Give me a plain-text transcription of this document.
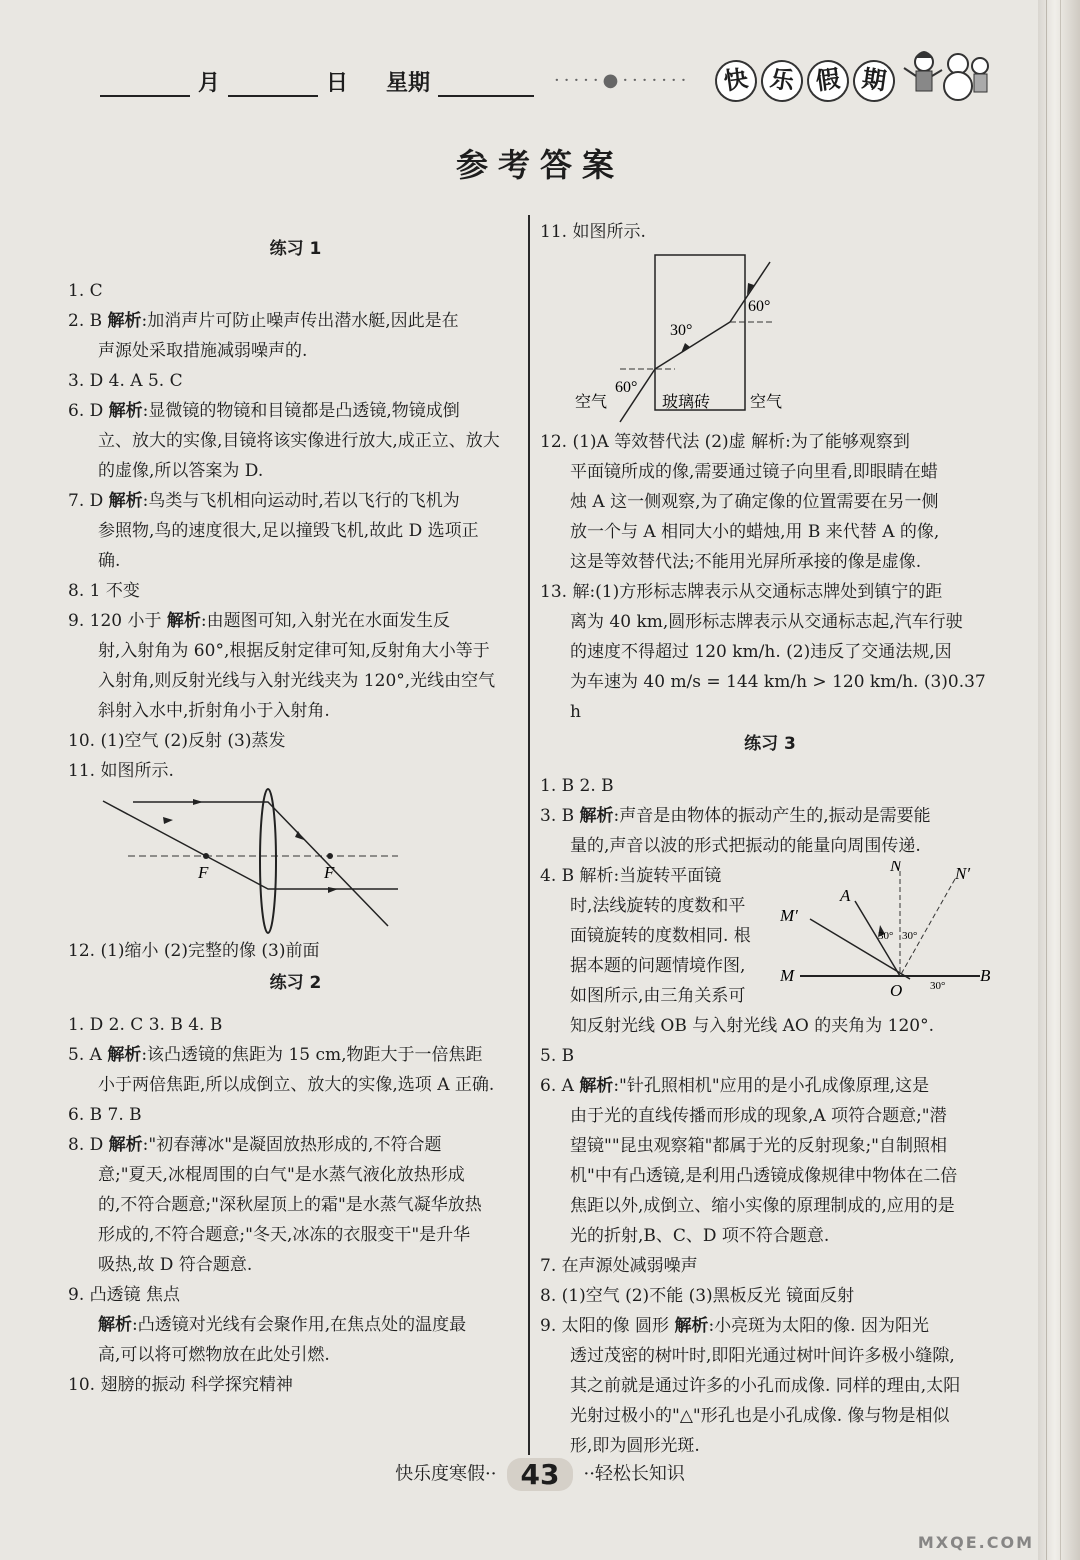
月	日 星期	·····●·······	快 乐 假 期
参考答案
练习 1
1. C
2. B 解析:加消声片可防止噪声传出潜水艇,因此是在
声源处采取措施减弱噪声的.
3. D 4. A 5. C
6. D 解析:显微镜的物镜和目镜都是凸透镜,物镜成倒
立、放大的实像,目镜将该实像进行放大,成正立、放大
的虚像,所以答案为 D.
7. D 解析:鸟类与飞机相向运动时,若以飞行的飞机为
参照物,鸟的速度很大,足以撞毁飞机,故此 D 选项正
确.
8. 1 不变
9. 120 小于 解析:由题图可知,入射光在水面发生反
射,入射角为 60°,根据反射定律可知,反射角大小等于
入射角,则反射光线与入射光线夹为 120°,光线由空气
斜射入水中,折射角小于入射角.
10. (1)空气 (2)反射 (3)蒸发
11. 如图所示.
F	F
12. (1)缩小 (2)完整的像 (3)前面
练习 2
1. D 2. C 3. B 4. B
5. A 解析:该凸透镜的焦距为 15 cm,物距大于一倍焦距
小于两倍焦距,所以成倒立、放大的实像,选项 A 正确.
6. B 7. B
8. D 解析:"初春薄冰"是凝固放热形成的,不符合题
意;"夏天,冰棍周围的白气"是水蒸气液化放热形成
的,不符合题意;"深秋屋顶上的霜"是水蒸气凝华放热
形成的,不符合题意;"冬天,冰冻的衣服变干"是升华
吸热,故 D 符合题意.
9. 凸透镜 焦点
解析:凸透镜对光线有会聚作用,在焦点处的温度最
高,可以将可燃物放在此处引燃.
10. 翅膀的振动 科学探究精神
11. 如图所示.
60°
30°
60°
空气	玻璃砖 空气
12. (1)A 等效替代法 (2)虚 解析:为了能够观察到
平面镜所成的像,需要通过镜子向里看,即眼睛在蜡
烛 A 这一侧观察,为了确定像的位置需要在另一侧
放一个与 A 相同大小的蜡烛,用 B 来代替 A 的像,
这是等效替代法;不能用光屏所承接的像是虚像.
13. 解:(1)方形标志牌表示从交通标志牌处到镇宁的距
离为 40 km,圆形标志牌表示从交通标志起,汽车行驶
的速度不得超过 120 km/h. (2)违反了交通法规,因
为车速为 40 m/s = 144 km/h > 120 km/h. (3)0.37 h
练习 3
1. B 2. B
3. B 解析:声音是由物体的振动产生的,振动是需要能
量的,声音以波的形式把振动的能量向周围传递.
4. B 解析:当旋转平面镜
时,法线旋转的度数和平
面镜旋转的度数相同. 根
据本题的问题情境作图,
如图所示,由三角关系可
N	N′
A
M′
M
O
B
30° 30°
30°
知反射光线 OB 与入射光线 AO 的夹角为 120°.
5. B
6. A 解析:"针孔照相机"应用的是小孔成像原理,这是
由于光的直线传播而形成的现象,A 项符合题意;"潜
望镜""昆虫观察箱"都属于光的反射现象;"自制照相
机"中有凸透镜,是利用凸透镜成像规律中物体在二倍
焦距以外,成倒立、缩小实像的原理制成的,应用的是
光的折射,B、C、D 项不符合题意.
7. 在声源处减弱噪声
8. (1)空气 (2)不能 (3)黑板反光 镜面反射
9. 太阳的像 圆形 解析:小亮斑为太阳的像. 因为阳光
透过茂密的树叶时,即阳光通过树叶间许多极小缝隙,
其之前就是通过许多的小孔而成像. 同样的理由,太阳
光射过极小的"△"形孔也是小孔成像. 像与物是相似
形,即为圆形光斑.
快乐度寒假·· 43 ··轻松长知识
MXQE.COM
